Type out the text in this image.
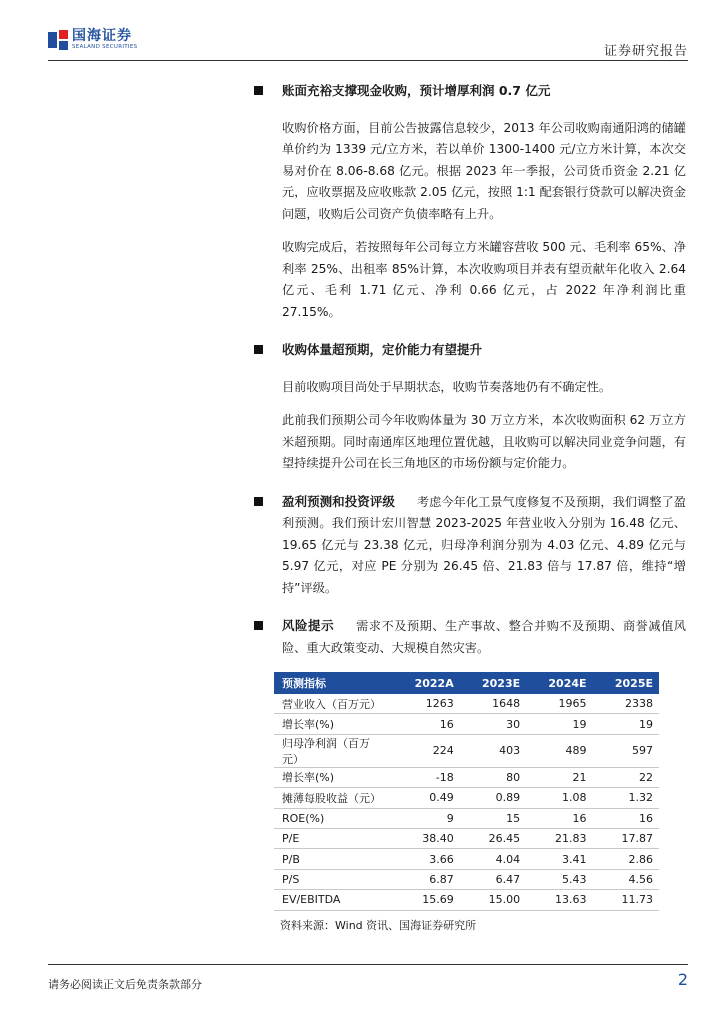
国海证券
SEALAND SECURITIES	证券研究报告
账面充裕支撑现金收购，预计增厚利润 0.7 亿元

收购价格方面，目前公告披露信息较少，2013 年公司收购南通阳鸿的储罐单价约为 1339 元/立方米，若以单价 1300-1400 元/立方米计算，本次交易对价在 8.06-8.68 亿元。根据 2023 年一季报，公司货币资金 2.21 亿元，应收票据及应收账款 2.05 亿元，按照 1:1 配套银行贷款可以解决资金问题，收购后公司资产负债率略有上升。

收购完成后，若按照每年公司每立方米罐容营收 500 元、毛利率 65%、净利率 25%、出租率 85%计算，本次收购项目并表有望贡献年化收入 2.64 亿元、毛利 1.71 亿元、净利 0.66 亿元，占 2022 年净利润比重 27.15%。

收购体量超预期，定价能力有望提升

目前收购项目尚处于早期状态，收购节奏落地仍有不确定性。

此前我们预期公司今年收购体量为 30 万立方米，本次收购面积 62 万立方米超预期。同时南通库区地理位置优越，且收购可以解决同业竞争问题，有望持续提升公司在长三角地区的市场份额与定价能力。

盈利预测和投资评级 考虑今年化工景气度修复不及预期，我们调整了盈利预测。我们预计宏川智慧 2023-2025 年营业收入分别为 16.48 亿元、19.65 亿元与 23.38 亿元，归母净利润分别为 4.03 亿元、4.89 亿元与 5.97 亿元，对应 PE 分别为 26.45 倍、21.83 倍与 17.87 倍，维持“增持”评级。

风险提示 需求不及预期、生产事故、整合并购不及预期、商誉减值风险、重大政策变动、大规模自然灾害。

预测指标	2022A	2023E	2024E	2025E
营业收入（百万元）	1263	1648	1965	2338
增长率(%)	16	30	19	19
归母净利润（百万元）	224	403	489	597
增长率(%)	-18	80	21	22
摊薄每股收益（元）	0.49	0.89	1.08	1.32
ROE(%)	9	15	16	16
P/E	38.40	26.45	21.83	17.87
P/B	3.66	4.04	3.41	2.86
P/S	6.87	6.47	5.43	4.56
EV/EBITDA	15.69	15.00	13.63	11.73
资料来源：Wind 资讯、国海证券研究所
请务必阅读正文后免责条款部分	2
